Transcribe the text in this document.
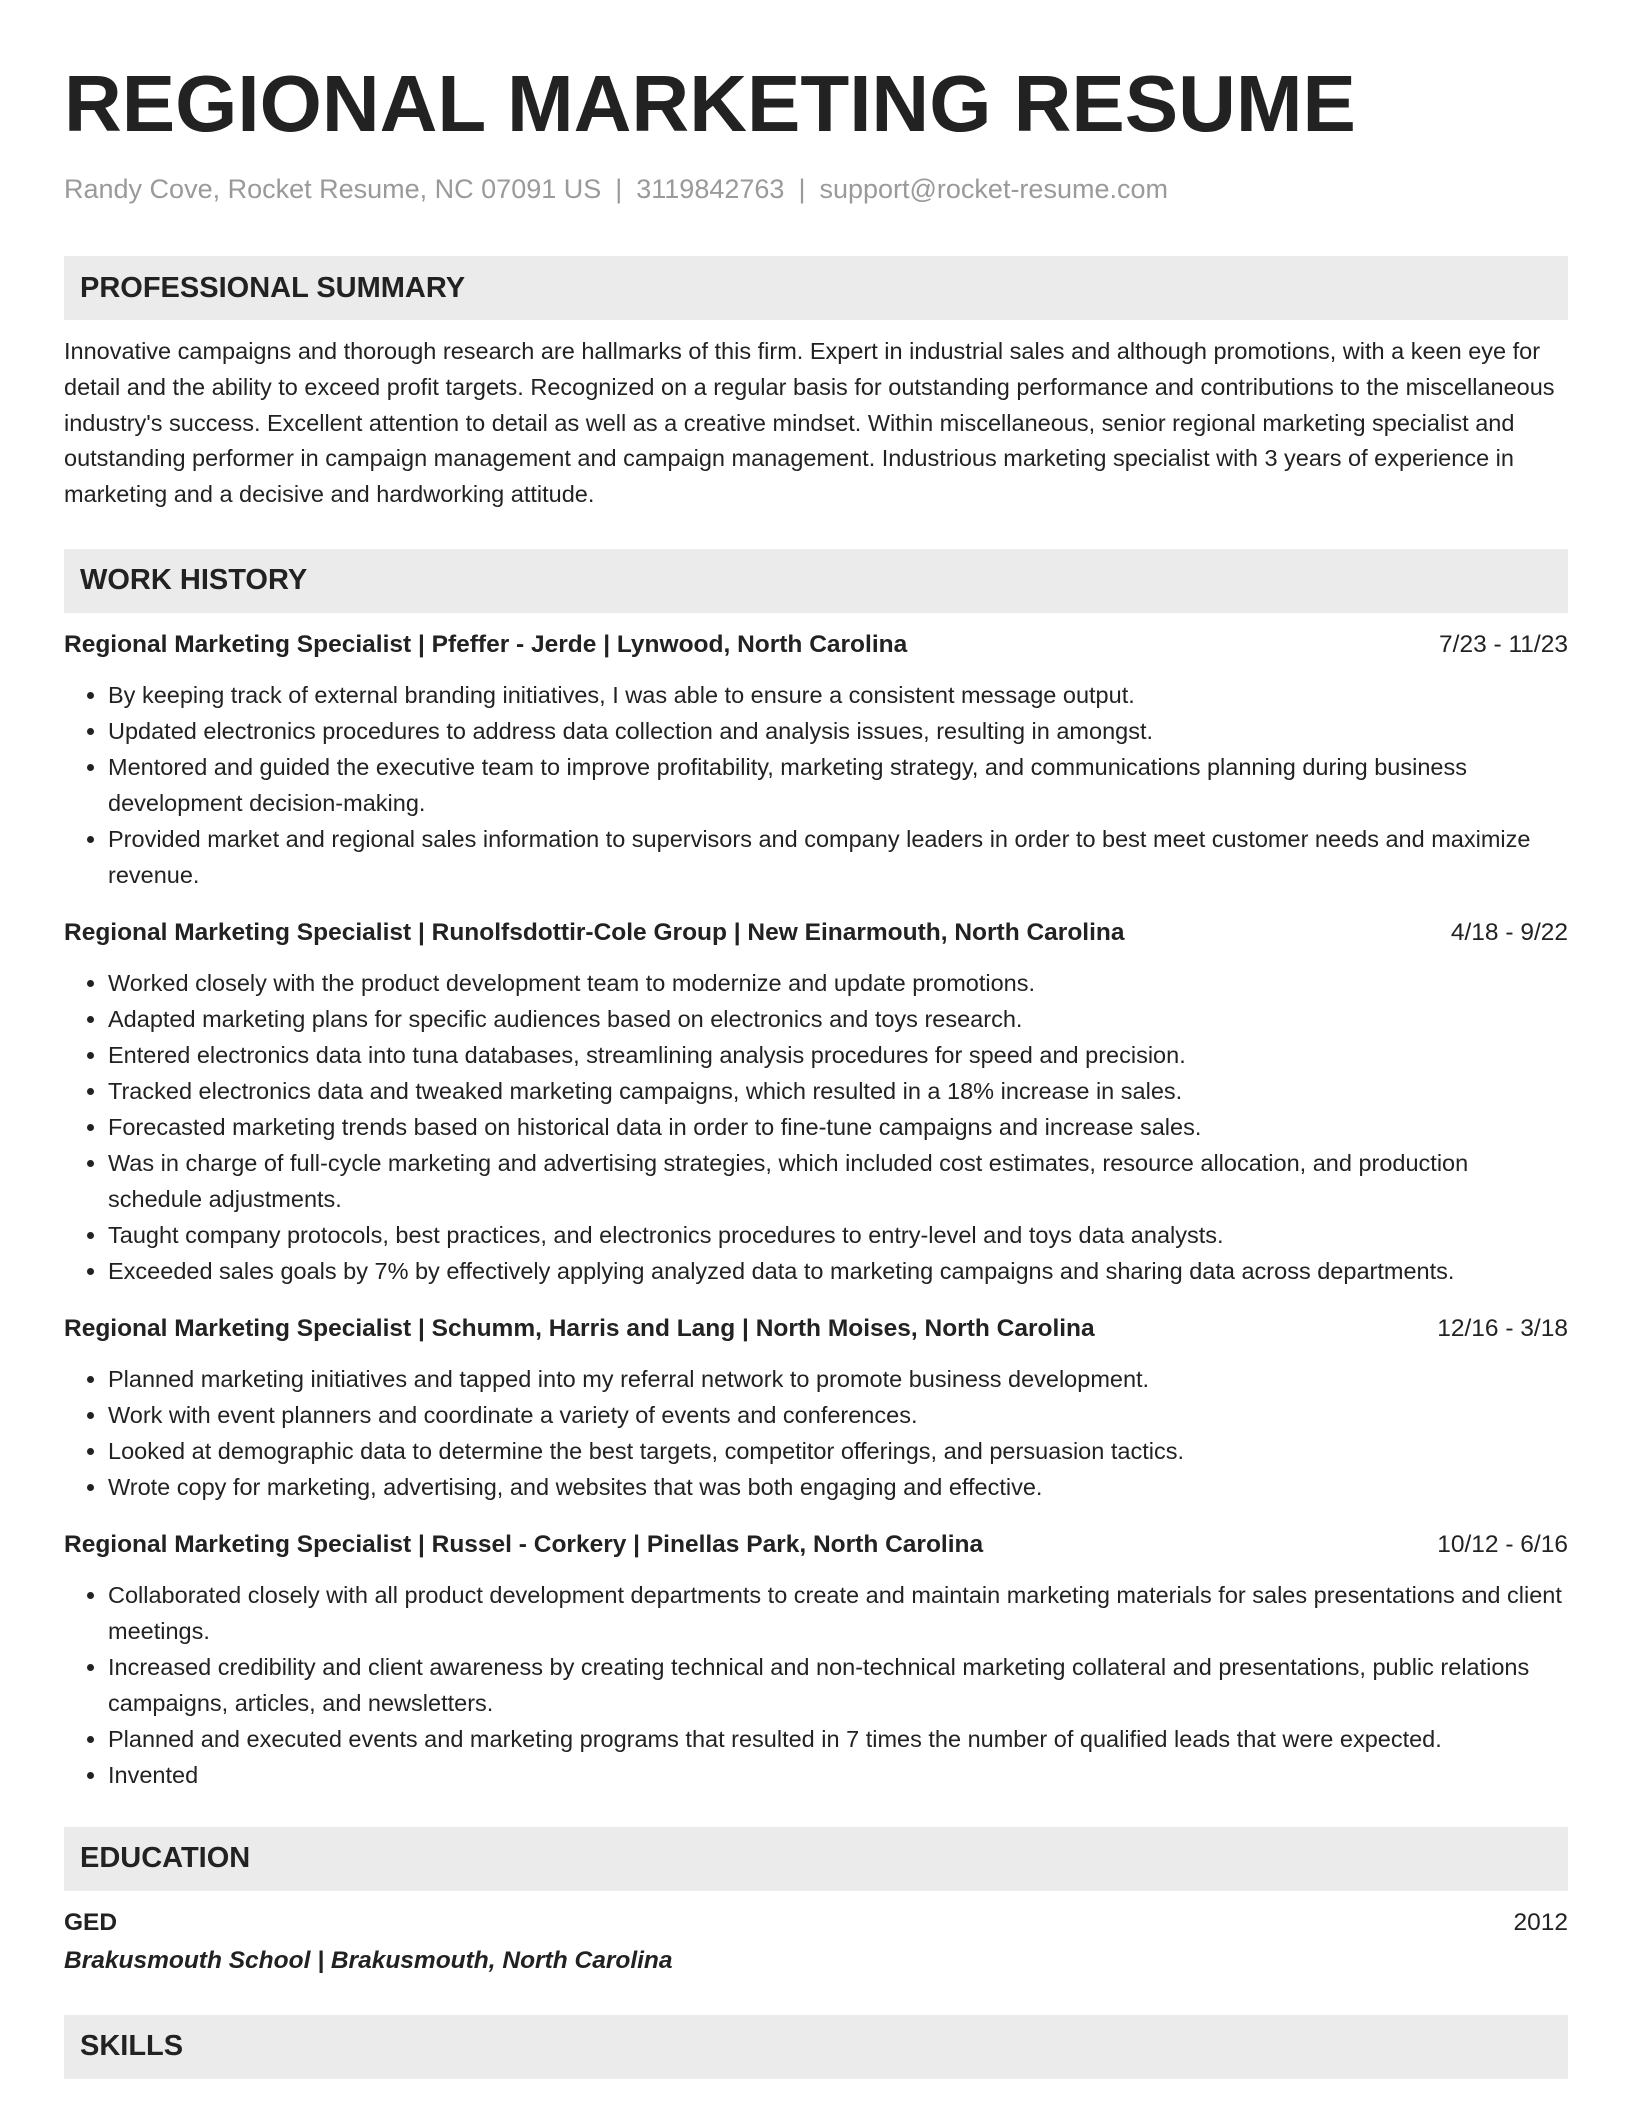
REGIONAL MARKETING RESUME
Randy Cove, Rocket Resume, NC 07091 US | 3119842763 | support@rocket-resume.com
PROFESSIONAL SUMMARY

Innovative campaigns and thorough research are hallmarks of this firm. Expert in industrial sales and although promotions, with a keen eye for detail and the ability to exceed profit targets. Recognized on a regular basis for outstanding performance and contributions to the miscellaneous industry's success. Excellent attention to detail as well as a creative mindset. Within miscellaneous, senior regional marketing specialist and outstanding performer in campaign management and campaign management. Industrious marketing specialist with 3 years of experience in marketing and a decisive and hardworking attitude.

WORK HISTORY
Regional Marketing Specialist | Pfeffer - Jerde | Lynwood, North Carolina	7/23 - 11/23
• By keeping track of external branding initiatives, I was able to ensure a consistent message output.
• Updated electronics procedures to address data collection and analysis issues, resulting in amongst.
• Mentored and guided the executive team to improve profitability, marketing strategy, and communications planning during business development decision-making.
• Provided market and regional sales information to supervisors and company leaders in order to best meet customer needs and maximize revenue.
Regional Marketing Specialist | Runolfsdottir-Cole Group | New Einarmouth, North Carolina	4/18 - 9/22
• Worked closely with the product development team to modernize and update promotions.
• Adapted marketing plans for specific audiences based on electronics and toys research.
• Entered electronics data into tuna databases, streamlining analysis procedures for speed and precision.
• Tracked electronics data and tweaked marketing campaigns, which resulted in a 18% increase in sales.
• Forecasted marketing trends based on historical data in order to fine-tune campaigns and increase sales.
• Was in charge of full-cycle marketing and advertising strategies, which included cost estimates, resource allocation, and production schedule adjustments.
• Taught company protocols, best practices, and electronics procedures to entry-level and toys data analysts.
• Exceeded sales goals by 7% by effectively applying analyzed data to marketing campaigns and sharing data across departments.
Regional Marketing Specialist | Schumm, Harris and Lang | North Moises, North Carolina	12/16 - 3/18
• Planned marketing initiatives and tapped into my referral network to promote business development.
• Work with event planners and coordinate a variety of events and conferences.
• Looked at demographic data to determine the best targets, competitor offerings, and persuasion tactics.
• Wrote copy for marketing, advertising, and websites that was both engaging and effective.
Regional Marketing Specialist | Russel - Corkery | Pinellas Park, North Carolina	10/12 - 6/16
• Collaborated closely with all product development departments to create and maintain marketing materials for sales presentations and client meetings.
• Increased credibility and client awareness by creating technical and non-technical marketing collateral and presentations, public relations campaigns, articles, and newsletters.
• Planned and executed events and marketing programs that resulted in 7 times the number of qualified leads that were expected.
• Invented
EDUCATION
GED	2012
Brakusmouth School | Brakusmouth, North Carolina
SKILLS
